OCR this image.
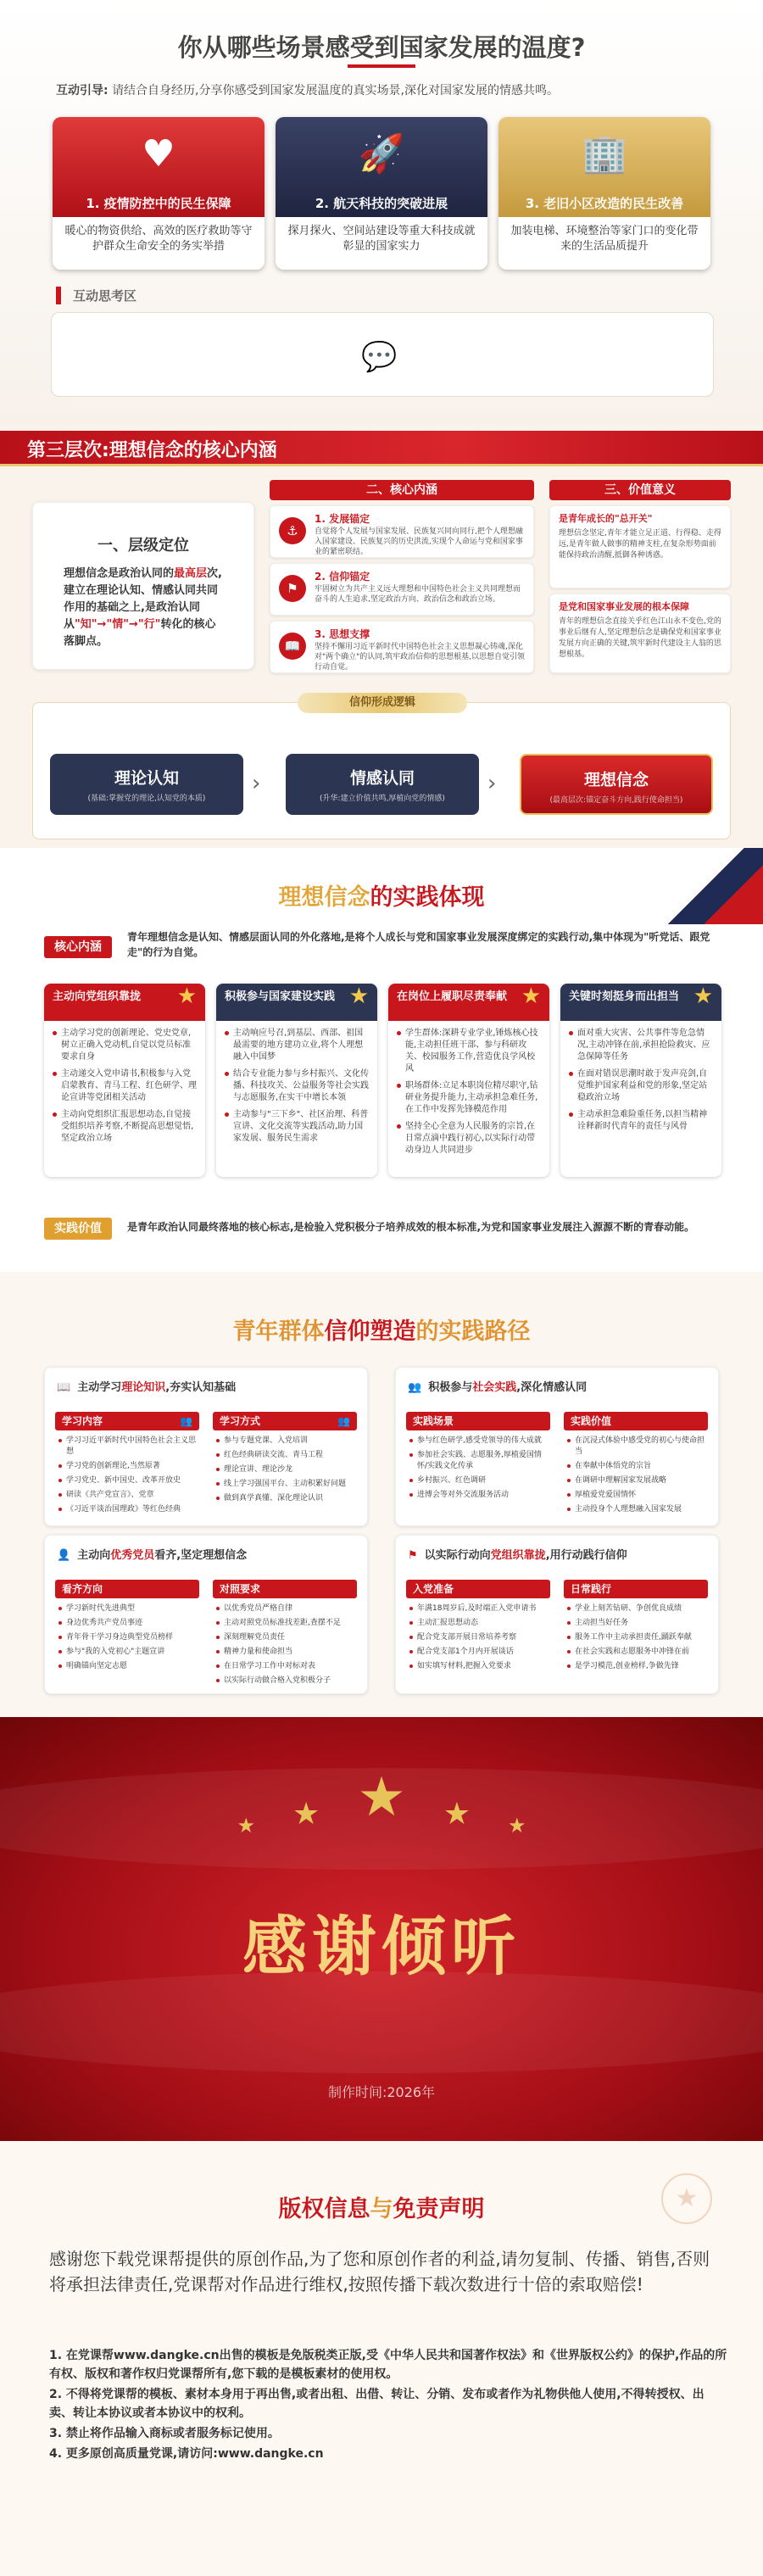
你从哪些场景感受到国家发展的温度?
互动引导: 请结合自身经历,分享你感受到国家发展温度的真实场景,深化对国家发展的情感共鸣。
♥
1. 疫情防控中的民生保障
暖心的物资供给、高效的医疗救助等守护群众生命安全的务实举措
🚀
2. 航天科技的突破进展
探月探火、空间站建设等重大科技成就彰显的国家实力
🏢
3. 老旧小区改造的民生改善
加装电梯、环境整治等家门口的变化带来的生活品质提升
互动思考区
💬
第三层次:理想信念的核心内涵
一、层级定位

理想信念是政治认同的最高层次,建立在理论认知、情感认同共同作用的基础之上,是政治认同从"知"→"情"→"行"转化的核心落脚点。

二、核心内涵
⚓
1. 发展锚定

自觉将个人发展与国家发展、民族复兴同向同行,把个人理想融入国家建设、民族复兴的历史洪流,实现个人命运与党和国家事业的紧密联结。

⚑
2. 信仰锚定

牢固树立为共产主义远大理想和中国特色社会主义共同理想而奋斗的人生追求,坚定政治方向、政治信念和政治立场。

📖
3. 思想支撑

坚持不懈用习近平新时代中国特色社会主义思想凝心铸魂,深化对"两个确立"的认同,筑牢政治信仰的思想根基,以思想自觉引领行动自觉。

三、价值意义
是青年成长的"总开关"

理想信念坚定,青年才能立足正道、行得稳、走得远,是青年做人做事的精神支柱,在复杂形势面前能保持政治清醒,抵御各种诱惑。

是党和国家事业发展的根本保障

青年的理想信念直接关乎红色江山永不变色,党的事业后继有人,坚定理想信念是确保党和国家事业发展方向正确的关键,筑牢新时代建设主人翁的思想根基。

信仰形成逻辑
理论认知

(基础:掌握党的理论,认知党的本质)

›	情感认同

(升华:建立价值共鸣,厚植向党的情感)

›	理想信念

(最高层次:锚定奋斗方向,践行使命担当)

理想信念的实践体现
核心内涵
青年理想信念是认知、情感层面认同的外化落地,是将个人成长与党和国家事业发展深度绑定的实践行动,集中体现为"听党话、跟党走"的行为自觉。
主动向党组织靠拢 ★
主动学习党的创新理论、党史党章,树立正确入党动机,自觉以党员标准要求自身
主动递交入党申请书,积极参与入党启蒙教育、青马工程、红色研学、理论宣讲等党团相关活动
主动向党组织汇报思想动态,自觉接受组织培养考察,不断提高思想觉悟,坚定政治立场
积极参与国家建设实践 ★
主动响应号召,到基层、西部、祖国最需要的地方建功立业,将个人理想融入中国梦
结合专业能力参与乡村振兴、文化传播、科技攻关、公益服务等社会实践与志愿服务,在实干中增长本领
主动参与"三下乡"、社区治理、科普宣讲、文化交流等实践活动,助力国家发展、服务民生需求
在岗位上履职尽责奉献 ★
学生群体:深耕专业学业,锤炼核心技能,主动担任班干部、参与科研攻关、校园服务工作,营造优良学风校风
职场群体:立足本职岗位精尽职守,钻研业务提升能力,主动承担急难任务,在工作中发挥先锋模范作用
坚持全心全意为人民服务的宗旨,在日常点滴中践行初心,以实际行动带动身边人共同进步
关键时刻挺身而出担当 ★
面对重大灾害、公共事件等危急情况,主动冲锋在前,承担抢险救灾、应急保障等任务
在面对错误思潮时敢于发声亮剑,自觉维护国家利益和党的形象,坚定站稳政治立场
主动承担急难险重任务,以担当精神诠释新时代青年的责任与风骨
实践价值	是青年政治认同最终落地的核心标志,是检验入党积极分子培养成效的根本标准,为党和国家事业发展注入源源不断的青春动能。
青年群体信仰塑造的实践路径
📖 主动学习理论知识,夯实认知基础
学习内容	👥
学习习近平新时代中国特色社会主义思想
学习党的创新理论,当然原著
学习党史、新中国史、改革开放史
研读《共产党宣言》、党章
《习近平谈治国理政》等红色经典
学习方式	👥
参与专题党课、入党培训
红色经典研读交流、青马工程
理论宣讲、理论沙龙
线上学习强国平台、主动积累好问题
做到真学真懂、深化理论认识
👥 积极参与社会实践,深化情感认同
实践场景
参与红色研学,感受党领导的伟大成就
参加社会实践、志愿服务,厚植爱国情怀/实践文化传承
乡村振兴、红色调研
进博会等对外交流服务活动
实践价值
在沉浸式体验中感受党的初心与使命担当
在奉献中体悟党的宗旨
在调研中理解国家发展战略
厚植爱党爱国情怀
主动投身个人理想融入国家发展
👤 主动向优秀党员看齐,坚定理想信念
看齐方向
学习新时代先进典型
身边优秀共产党员事迹
青年骨干学习身边典型党员榜样
参与"我的入党初心"主题宣讲
明确锚向坚定志愿
对照要求
以优秀党员严格自律
主动对照党员标准找差距,查摆不足
深刻理解党员责任
精神力量和使命担当
在日常学习工作中对标对表
以实际行动做合格入党积极分子
⚑ 以实际行动向党组织靠拢,用行动践行信仰
入党准备
年满18周岁后,及时端正入党申请书
主动汇报思想动态
配合党支部开展日常培养考察
配合党支部1个月内开展谈话
如实填写材料,把握入党要求
日常践行
学业上刻苦钻研、争创优良成绩
主动担当好任务
服务工作中主动承担责任,踊跃奉献
在社会实践和志愿服务中冲锋在前
是学习模范,创业榜样,争做先锋
★ ★ ★ ★ ★
感谢倾听
制作时间:2026年
★
版权信息与免责声明
感谢您下载党课帮提供的原创作品,为了您和原创作者的利益,请勿复制、传播、销售,否则将承担法律责任,党课帮对作品进行维权,按照传播下载次数进行十倍的索取赔偿!
1. 在党课帮www.dangke.cn出售的模板是免版税类正版,受《中华人民共和国著作权法》和《世界版权公约》的保护,作品的所有权、版权和著作权归党课帮所有,您下载的是模板素材的使用权。
2. 不得将党课帮的模板、素材本身用于再出售,或者出租、出借、转让、分销、发布或者作为礼物供他人使用,不得转授权、出卖、转让本协议或者本协议中的权利。
3. 禁止将作品输入商标或者服务标记使用。
4. 更多原创高质量党课,请访问:www.dangke.cn
